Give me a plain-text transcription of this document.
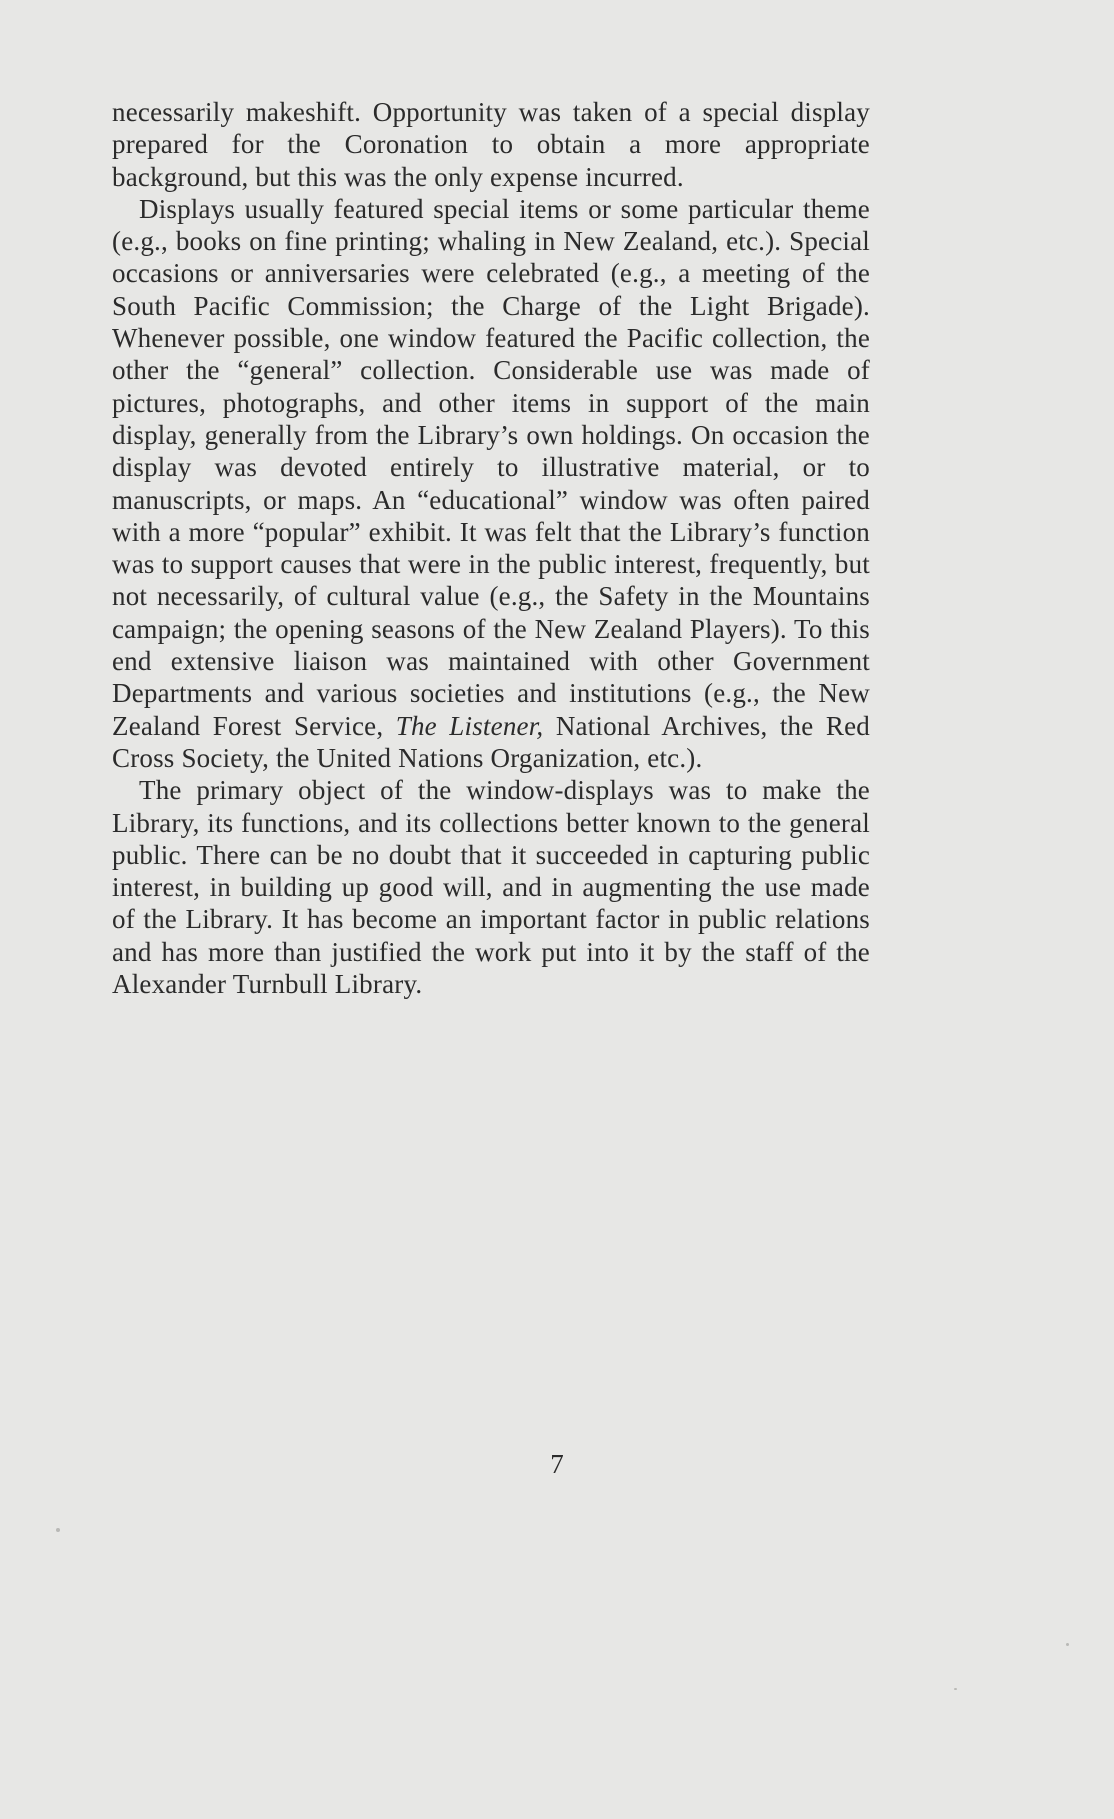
necessarily makeshift. Opportunity was taken of a special display prepared for the Coronation to obtain a more appropriate background, but this was the only expense incurred.

Displays usually featured special items or some particular theme (e.g., books on fine printing; whaling in New Zealand, etc.). Special occasions or anniversaries were celebrated (e.g., a meeting of the South Pacific Commission; the Charge of the Light Brigade). Whenever possible, one window featured the Pacific collection, the other the “general” collection. Considerable use was made of pictures, photographs, and other items in support of the main display, generally from the Library’s own holdings. On occasion the display was devoted entirely to illustrative material, or to manuscripts, or maps. An “educational” window was often paired with a more “popular” exhibit. It was felt that the Library’s function was to support causes that were in the public interest, frequently, but not necessarily, of cultural value (e.g., the Safety in the Mountains campaign; the opening seasons of the New Zealand Players). To this end extensive liaison was maintained with other Government Departments and various societies and institutions (e.g., the New Zealand Forest Service, The Listener, National Archives, the Red Cross Society, the United Nations Organization, etc.).

The primary object of the window-displays was to make the Library, its functions, and its collections better known to the general public. There can be no doubt that it succeeded in capturing public interest, in building up good will, and in augmenting the use made of the Library. It has become an important factor in public relations and has more than justified the work put into it by the staff of the Alexander Turnbull Library.

7
